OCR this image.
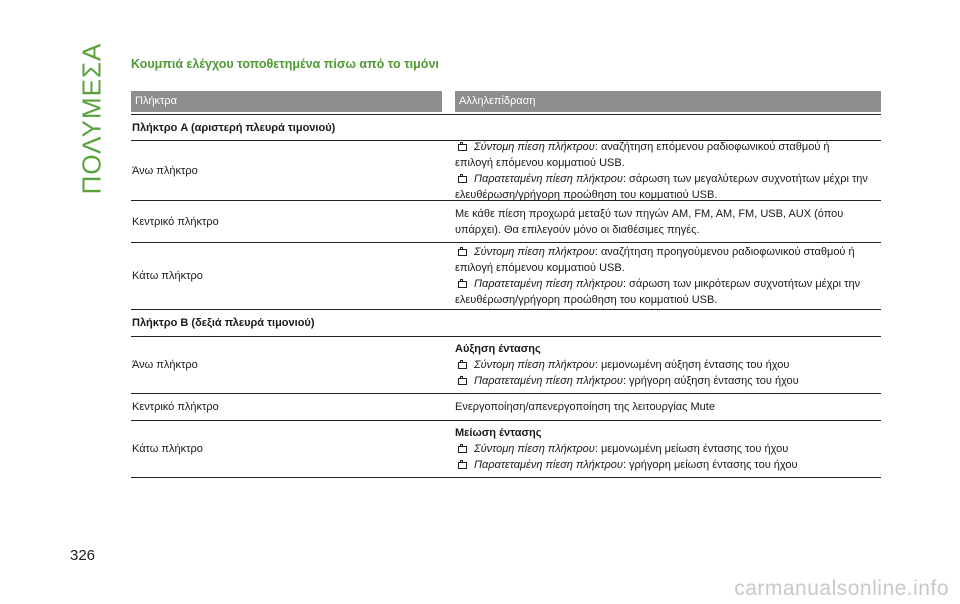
ΠΟΛΥΜΕΣΑ Κουμπιά ελέγχου τοποθετημένα πίσω από το τιμόνι
Πλήκτρα	Αλληλεπίδραση
Πλήκτρο A (αριστερή πλευρά τιμονιού)
Άνω πλήκτρο
Σύντομη πίεση πλήκτρου: αναζήτηση επόμενου ραδιοφωνικού σταθμού ή
επιλογή επόμενου κομματιού USB.
Παρατεταμένη πίεση πλήκτρου: σάρωση των μεγαλύτερων συχνοτήτων μέχρι την
ελευθέρωση/γρήγορη προώθηση του κομματιού USB.
Κεντρικό πλήκτρο
Με κάθε πίεση προχωρά μεταξύ των πηγών AM, FM, AM, FM, USB, AUX (όπου
υπάρχει). Θα επιλεγούν μόνο οι διαθέσιμες πηγές.
Κάτω πλήκτρο
Σύντομη πίεση πλήκτρου: αναζήτηση προηγούμενου ραδιοφωνικού σταθμού ή
επιλογή επόμενου κομματιού USB.
Παρατεταμένη πίεση πλήκτρου: σάρωση των μικρότερων συχνοτήτων μέχρι την
ελευθέρωση/γρήγορη προώθηση του κομματιού USB.
Πλήκτρο B (δεξιά πλευρά τιμονιού)
Άνω πλήκτρο
Αύξηση έντασης
Σύντομη πίεση πλήκτρου: μεμονωμένη αύξηση έντασης του ήχου
Παρατεταμένη πίεση πλήκτρου: γρήγορη αύξηση έντασης του ήχου
Κεντρικό πλήκτρο	Ενεργοποίηση/απενεργοποίηση της λειτουργίας Mute
Κάτω πλήκτρο
Μείωση έντασης
Σύντομη πίεση πλήκτρου: μεμονωμένη μείωση έντασης του ήχου
Παρατεταμένη πίεση πλήκτρου: γρήγορη μείωση έντασης του ήχου
326
carmanualsonline.info
